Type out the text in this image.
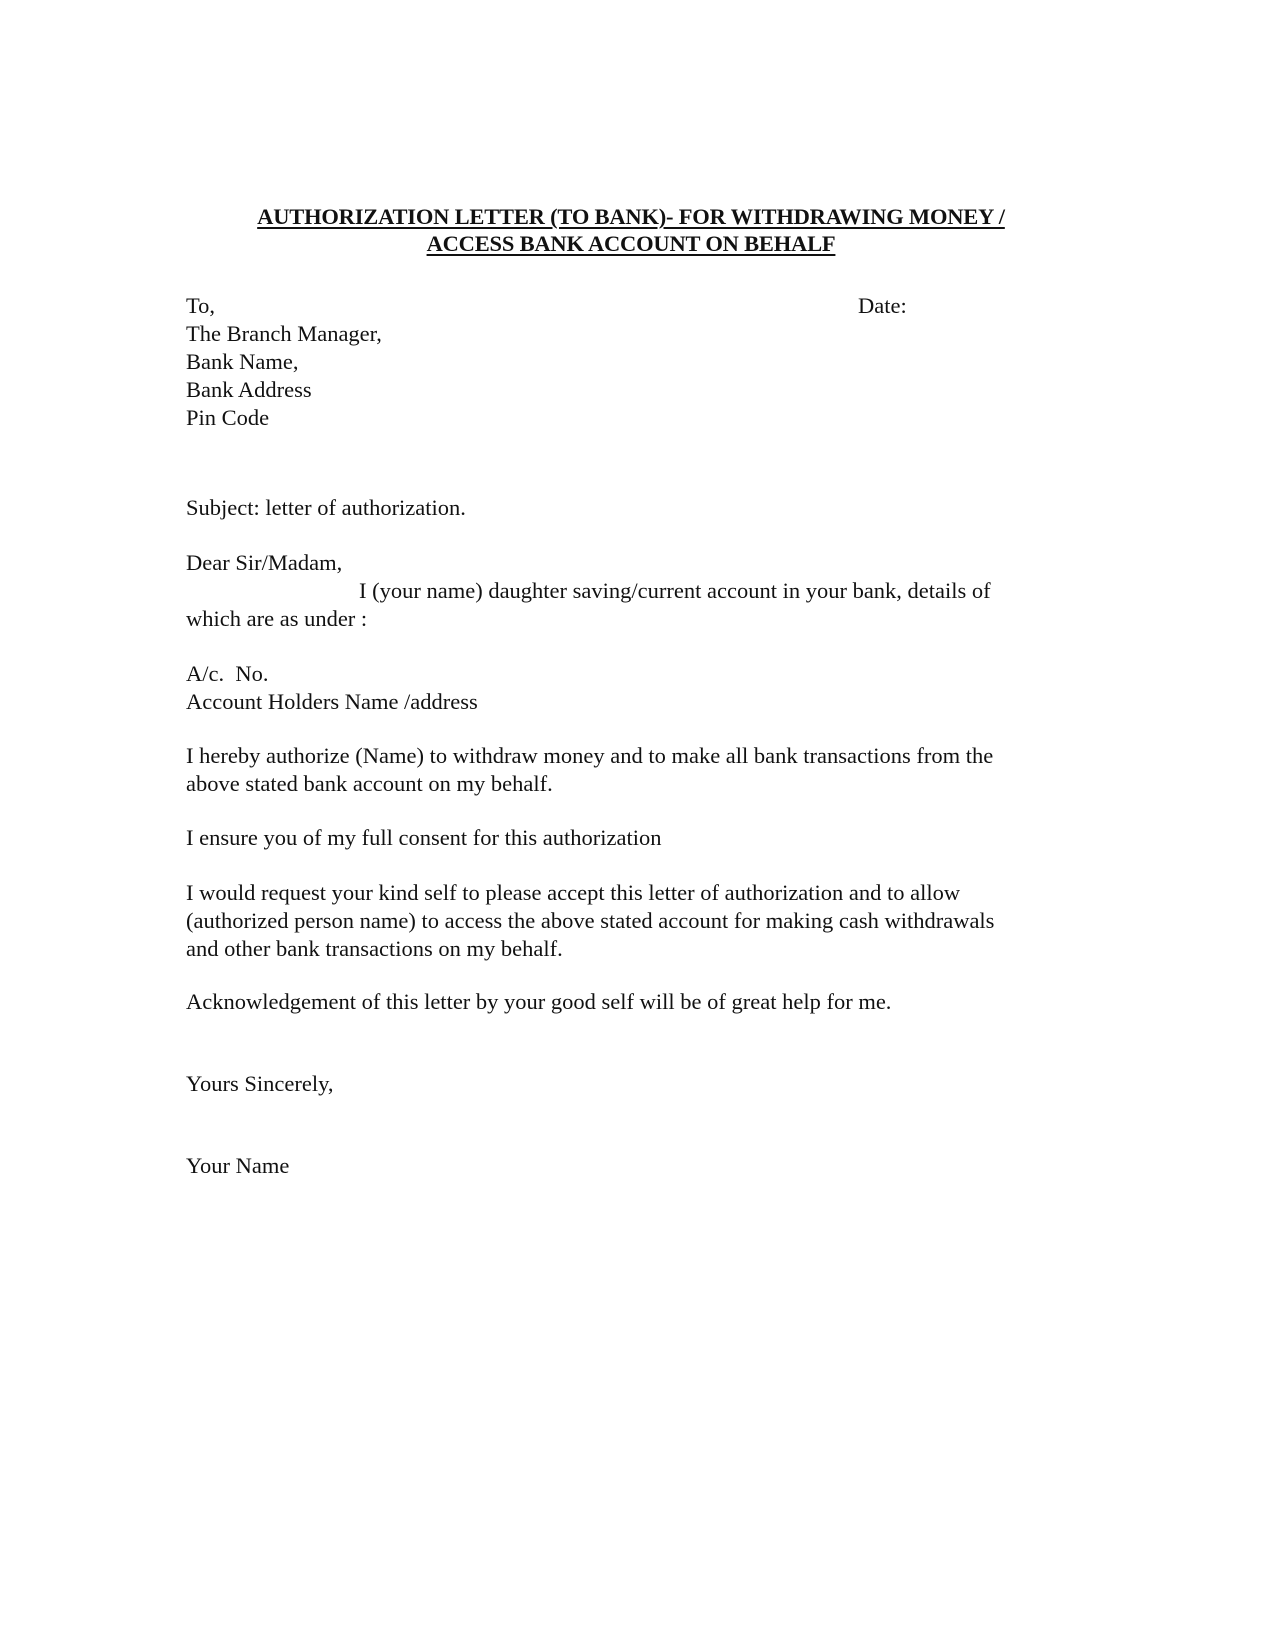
AUTHORIZATION LETTER (TO BANK)- FOR WITHDRAWING MONEY /
ACCESS BANK ACCOUNT ON BEHALF
To,
The Branch Manager,
Bank Name,
Bank Address
Pin Code
Date:
Subject: letter of authorization.
Dear Sir/Madam,
I (your name) daughter saving/current account in your bank, details of
which are as under :
A/c.  No.
Account Holders Name /address
I hereby authorize (Name) to withdraw money and to make all bank transactions from the
above stated bank account on my behalf.
I ensure you of my full consent for this authorization
I would request your kind self to please accept this letter of authorization and to allow
(authorized person name) to access the above stated account for making cash withdrawals
and other bank transactions on my behalf.
Acknowledgement of this letter by your good self will be of great help for me.
Yours Sincerely,
Your Name
